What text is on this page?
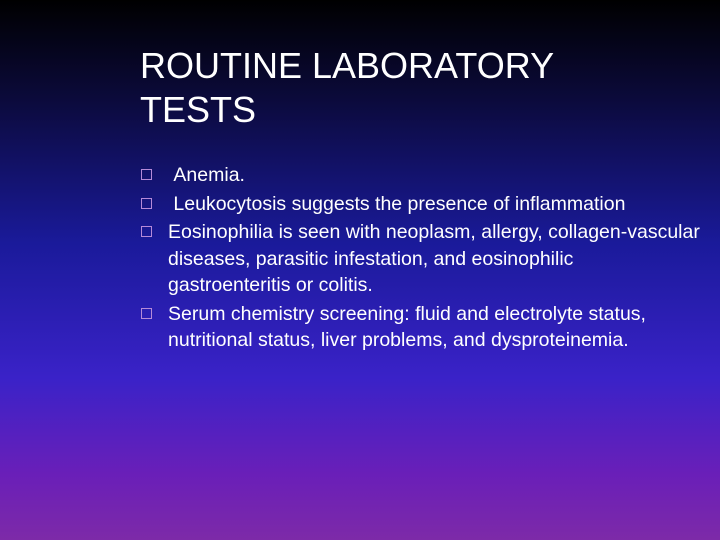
ROUTINE LABORATORY TESTS
Anemia.
Leukocytosis suggests the presence of inflammation
Eosinophilia is seen with neoplasm, allergy, collagen-vascular diseases, parasitic infestation, and eosinophilic gastroenteritis or colitis.
Serum chemistry screening: fluid and electrolyte status, nutritional status, liver problems, and dysproteinemia.
